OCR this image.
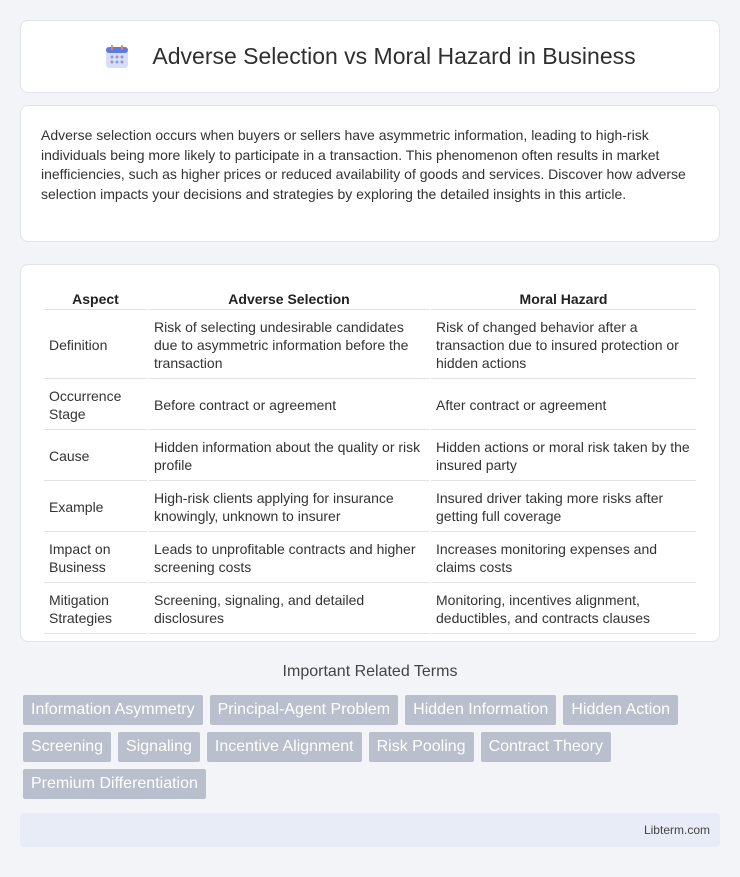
Adverse Selection vs Moral Hazard in Business

Adverse selection occurs when buyers or sellers have asymmetric information, leading to high-risk individuals being more likely to participate in a transaction. This phenomenon often results in market inefficiencies, such as higher prices or reduced availability of goods and services. Discover how adverse selection impacts your decisions and strategies by exploring the detailed insights in this article.

Aspect	Adverse Selection	Moral Hazard
Definition	Risk of selecting undesirable candidates due to asymmetric information before the transaction	Risk of changed behavior after a transaction due to insured protection or hidden actions
Occurrence Stage	Before contract or agreement	After contract or agreement
Cause	Hidden information about the quality or risk profile	Hidden actions or moral risk taken by the insured party
Example	High-risk clients applying for insurance knowingly, unknown to insurer	Insured driver taking more risks after getting full coverage
Impact on Business	Leads to unprofitable contracts and higher screening costs	Increases monitoring expenses and claims costs
Mitigation Strategies	Screening, signaling, and detailed disclosures	Monitoring, incentives alignment, deductibles, and contracts clauses
Important Related Terms
Information Asymmetry	Principal-Agent Problem	Hidden Information	Hidden Action
Screening	Signaling	Incentive Alignment	Risk Pooling	Contract Theory
Premium Differentiation
Libterm.com
